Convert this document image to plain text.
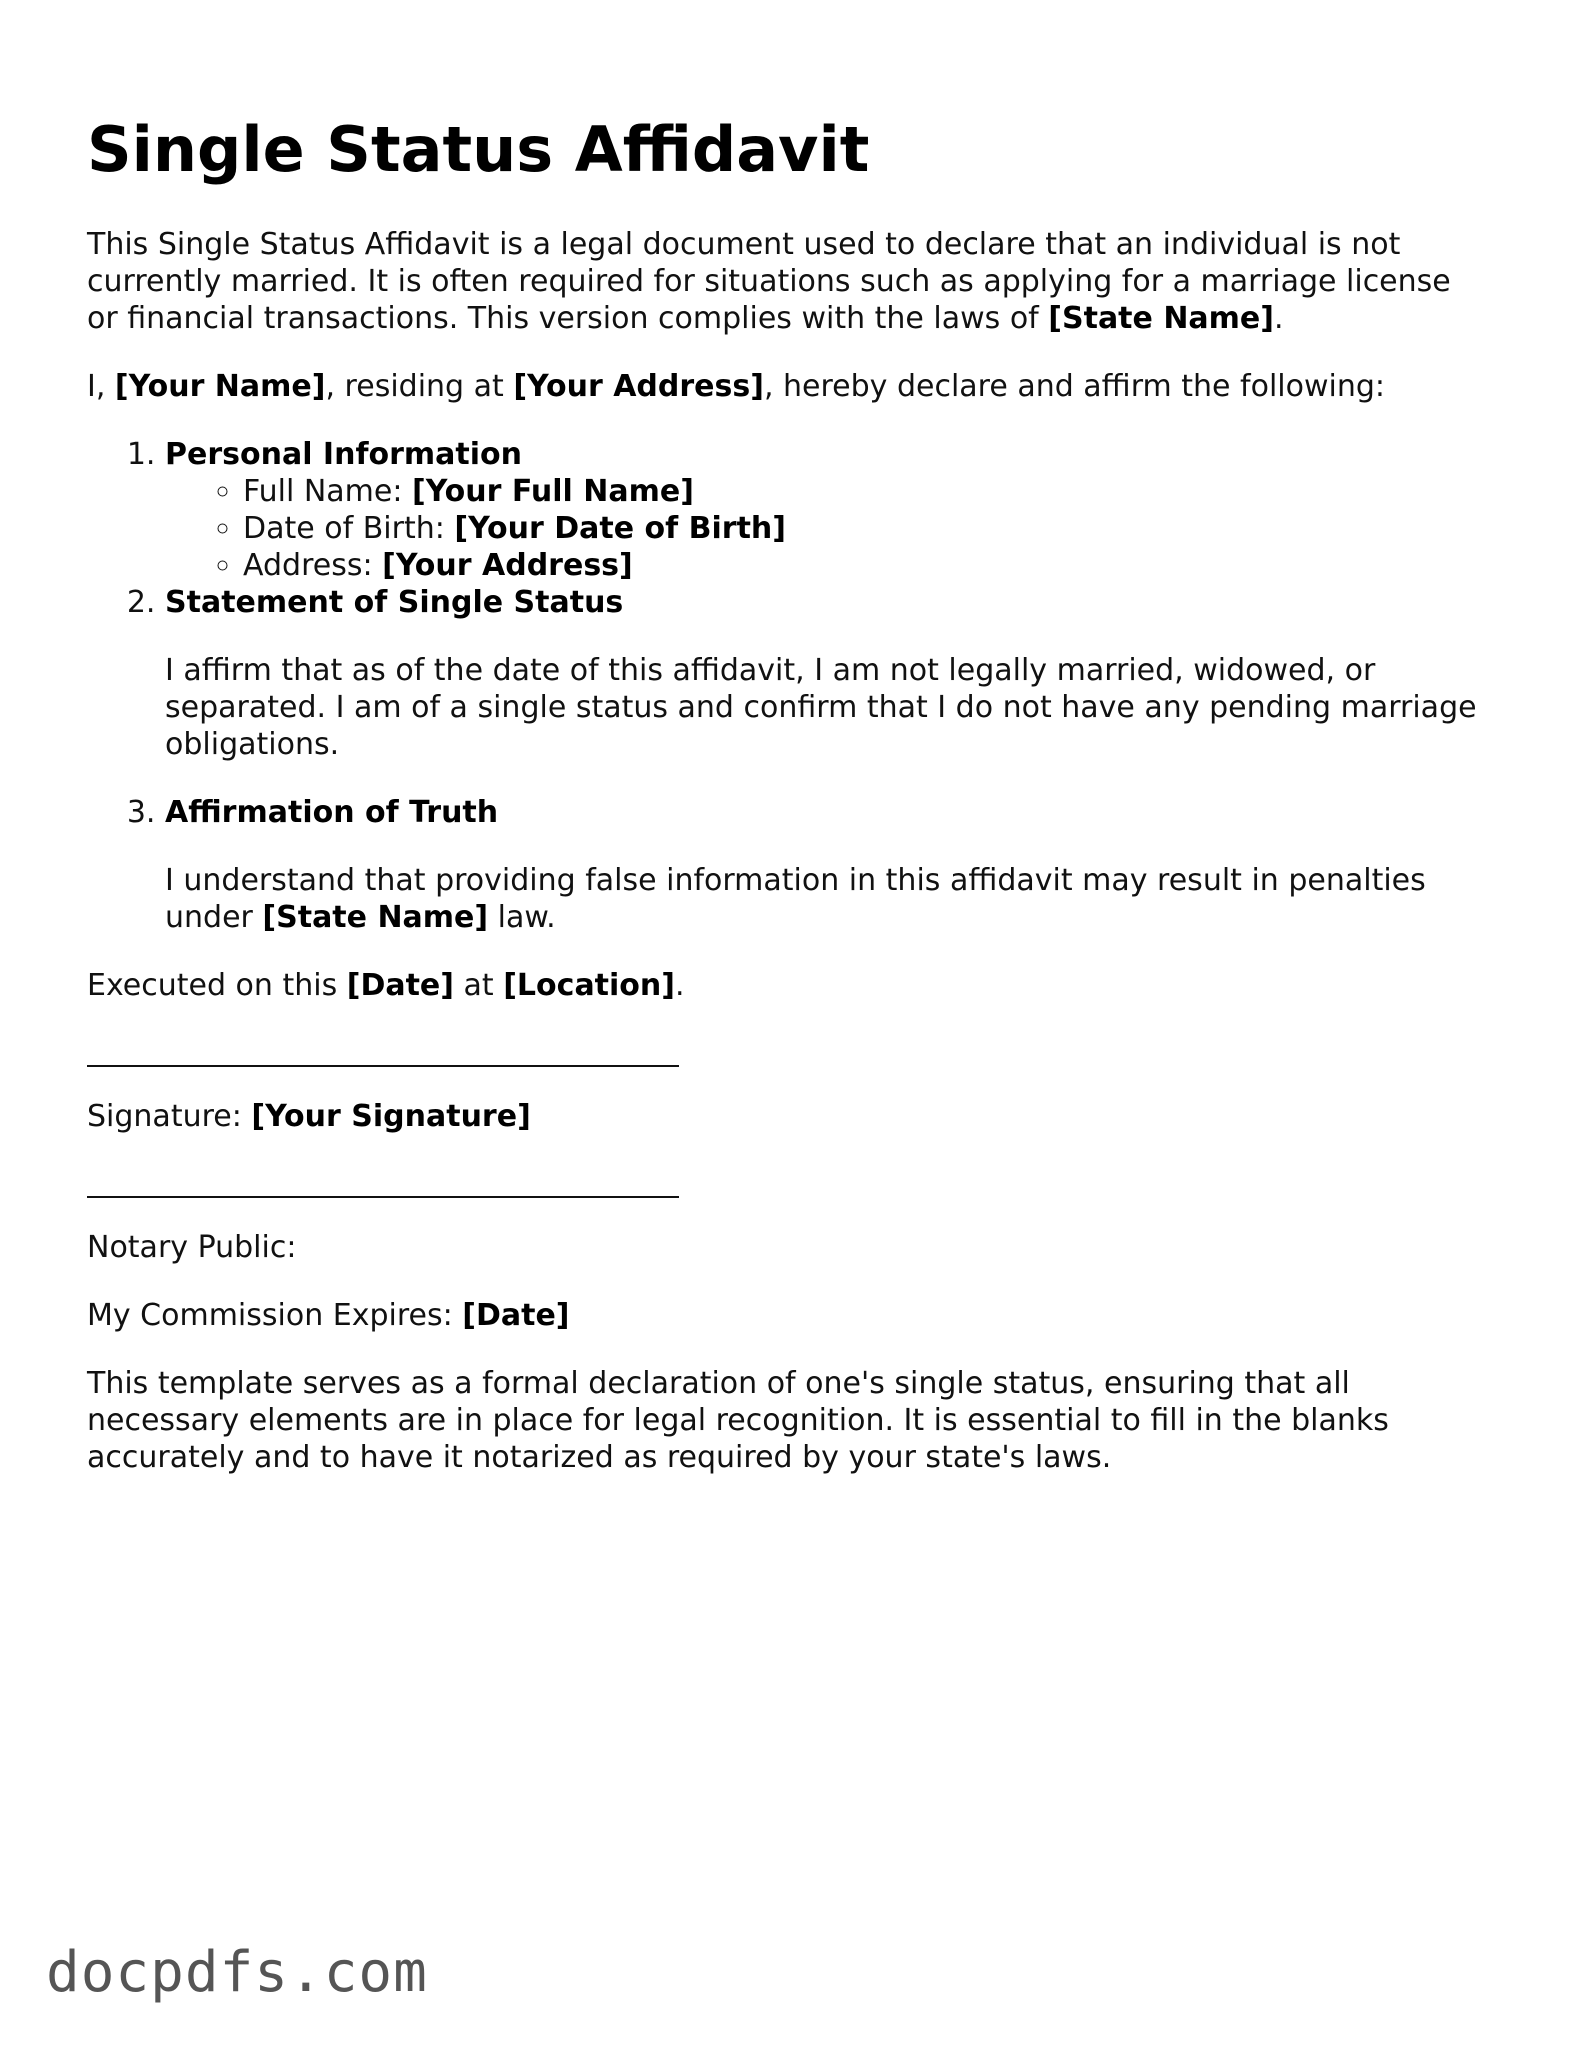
Single Status Affidavit

This Single Status Affidavit is a legal document used to declare that an individual is not currently married. It is often required for situations such as applying for a marriage license or financial transactions. This version complies with the laws of [State Name].

I, [Your Name], residing at [Your Address], hereby declare and affirm the following:

1. Personal Information
◦ Full Name: [Your Full Name]
◦ Date of Birth: [Your Date of Birth]
◦ Address: [Your Address]
2. Statement of Single Status

I affirm that as of the date of this affidavit, I am not legally married, widowed, or separated. I am of a single status and confirm that I do not have any pending marriage obligations.

3. Affirmation of Truth

I understand that providing false information in this affidavit may result in penalties under [State Name] law.

Executed on this [Date] at [Location].

Signature: [Your Signature]

Notary Public:

My Commission Expires: [Date]

This template serves as a formal declaration of one's single status, ensuring that all necessary elements are in place for legal recognition. It is essential to fill in the blanks accurately and to have it notarized as required by your state's laws.

docpdfs.com
